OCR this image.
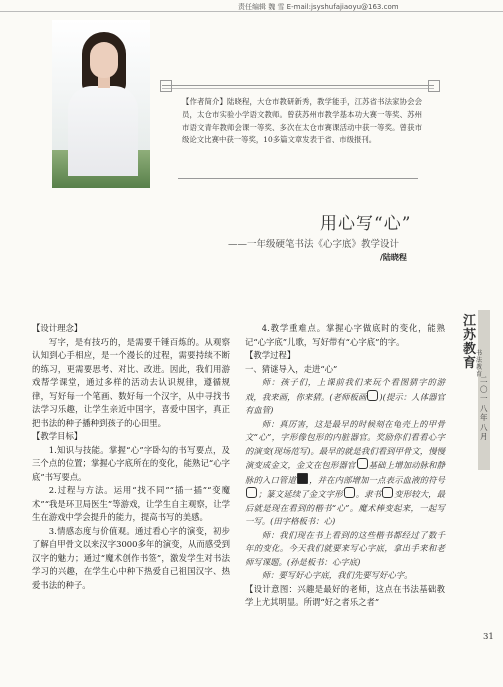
责任编辑 魏 雪 E-mail:jsyshufajiaoyu@163.com
【作者简介】陆晓程，大仓市教研新秀，教学能手，江苏省书法家协会会员，太仓市实验小学语文教师。曾获苏州市教学基本功大赛一等奖、苏州市语文青年教师会课一等奖、多次在太仓市赛课活动中获一等奖。曾获市级论文比赛中获一等奖，10多篇文章发表于省、市级报刊。
用心写“心”
——一年级硬笔书法《心字底》教学设计
/陆晓程

【设计理念】

写字，是有技巧的，是需要千锤百炼的。从观察认知到心手相应，是一个漫长的过程，需要持续不断的练习，更需要思考、对比、改进。因此，我们用游戏帮学课堂，通过多样的活动去认识规律，遵循规律，写好每一个笔画、数好每一个汉字，从中寻找书法学习乐趣，让学生亲近中国字，喜爱中国字，真正把书法的种子播种到孩子的心田里。

【教学目标】

1.知识与技能。掌握“心”字卧勾的书写要点，及三个点的位置；掌握心字底所在的变化，能熟记“心字底”书写要点。

2.过程与方法。运用“找不同”“插一插”“变魔术”“我是环卫局医生”等游戏，让学生自主观察，让学生在游戏中学会提升的能力，提高书写的美感。

3.情感态度与价值观。通过看心字的演变，初步了解自甲骨文以来汉字3000多年的演变，从而感受到汉字的魅力；通过“魔术创作书签”，激发学生对书法学习的兴趣，在学生心中种下热爱自己祖国汉字、热爱书法的种子。

4.教学重难点。掌握心字做底时的变化，能熟记“心字底”儿歌，写好带有“心字底”的字。

【教学过程】

一、猜谜导入，走进“心”

师：孩子们，上课前我们来玩个看图猜字的游戏，我来画，你来猜。(老师板画 )(提示：人体器官有血管)

师：真厉害，这是最早的时候刻在龟壳上的甲骨文“心”，字形像包形的内脏器官。奖励你们看看心字的演变(现场范写)。最早的就是我们看到甲骨文，慢慢演变成金文，金文在包形器官 基础上增加动脉和静脉的入口管道 ，并在内部增加一点表示血液的符号；篆文延续了金文字形 。隶书 变形较大，最后就是现在看到的楷书“心”。魔术棒变起来，一起写一写。(田字格板书：心)

师：我们现在书上看到的这些楷书都经过了数千年的变化。今天我们就要来写心字底，拿出手来和老师写课题。(孙是板书：心字底)

师：要写好心字底，我们先要写好心字。

【设计意图：兴趣是最好的老师，这点在书法基础教学上尤其明显。所谓“好之者乐之者”

江苏教育
书法教育
二〇一八年八月
31
